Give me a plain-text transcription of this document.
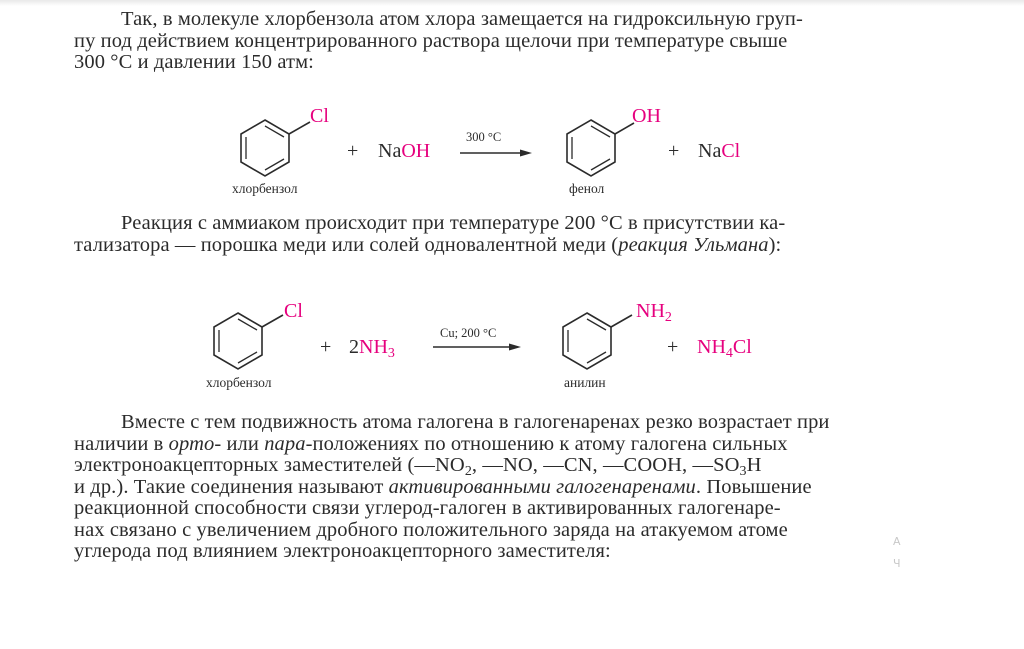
Так, в молекуле хлорбензола атом хлора замещается на гидроксильную груп-
пу под действием концентрированного раствора щелочи при температуре свыше
300 °С и давлении 150 атм:
Cl
хлорбензол
+ NaOH
300 °С
OH
фенол
+ NaCl
Реакция с аммиаком происходит при температуре 200 °С в присутствии ка-
тализатора — порошка меди или солей одновалентной меди (реакция Ульмана):
Cl
хлорбензол
+ $2NH_3$
Cu; 200 °С
$NH_2$
анилин
+ $NH_4Cl$
Вместе с тем подвижность атома галогена в галогенаренах резко возрастает при
наличии в орто- или пара-положениях по отношению к атому галогена сильных
электроноакцепторных заместителей ($—NO_2$, —NO, —CN, —COOH, $—SO_3H$
и др.). Такие соединения называют активированными галогенаренами. Повышение
реакционной способности связи углерод-галоген в активированных галогенаре-
нах связано с увеличением дробного положительного заряда на атакуемом атоме
углерода под влиянием электроноакцепторного заместителя:	А
Ч
